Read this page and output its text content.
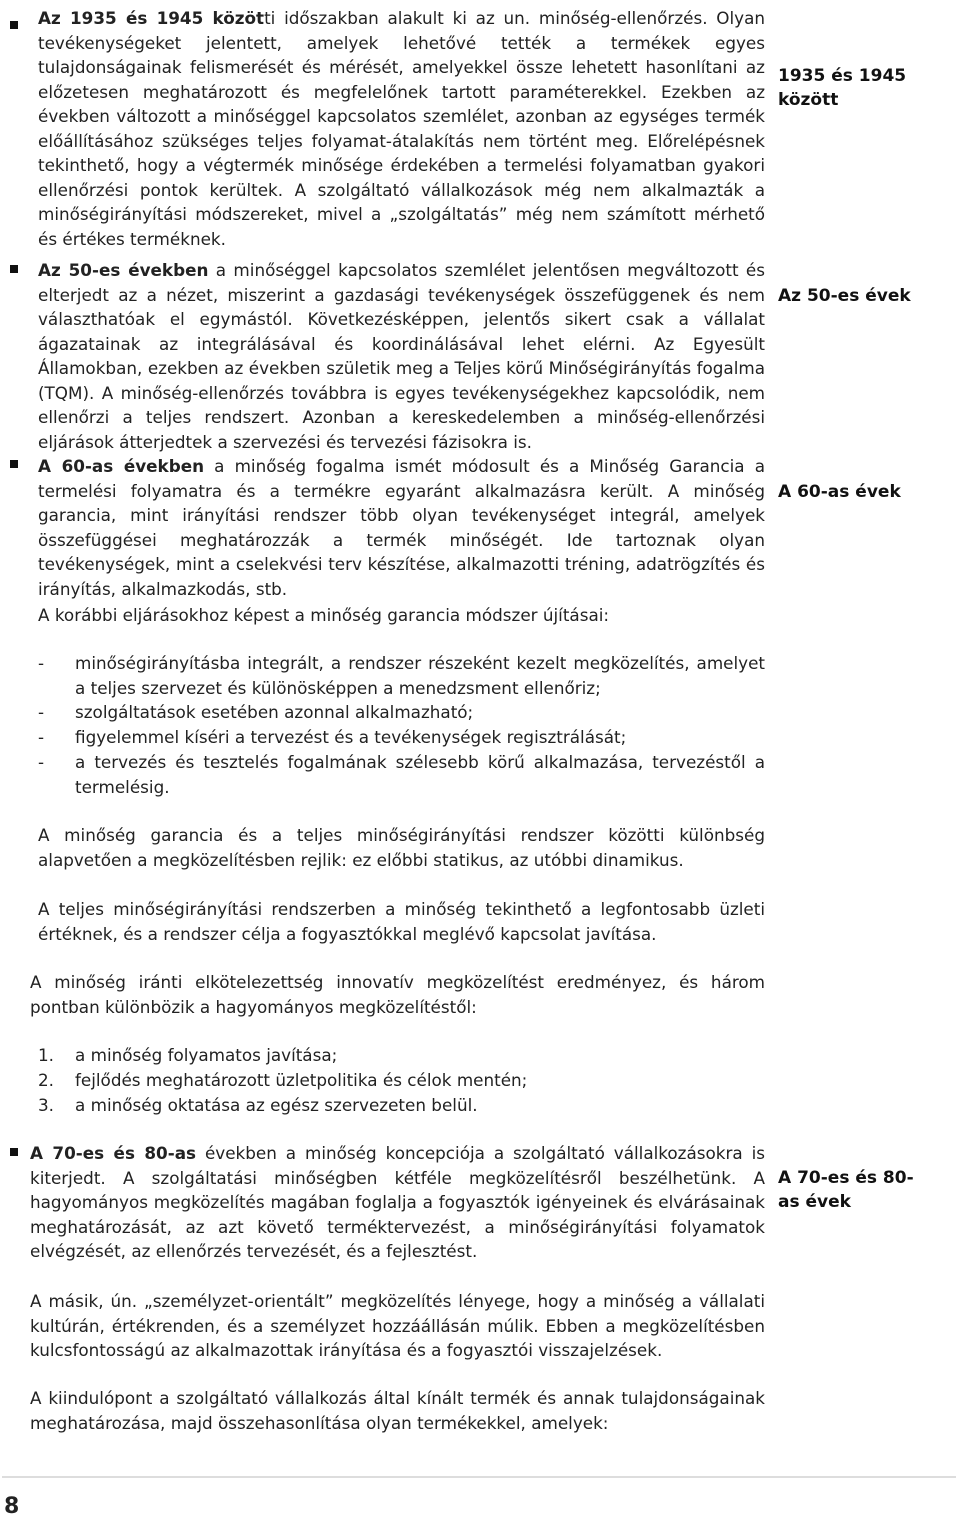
Az 1935 és 1945 közötti időszakban alakult ki az un. minőség-ellenőrzés. Olyan tevékenységeket jelentett, amelyek lehetővé tették a termékek egyes tulajdonságainak felismerését és mérését, amelyekkel össze lehetett hasonlítani az előzetesen meghatározott és megfelelőnek tartott paraméterekkel. Ezekben az években változott a minőséggel kapcsolatos szemlélet, azonban az egységes termék előállításához szükséges teljes folyamat-átalakítás nem történt meg. Előrelépésnek tekinthető, hogy a végtermék minősége érdekében a termelési folyamatban gyakori ellenőrzési pontok kerültek. A szolgáltató vállalkozások még nem alkalmazták a minőségirányítási módszereket, mivel a „szolgáltatás” még nem számított mérhető és értékes terméknek.

1935 és 1945 között

Az 50-es években a minőséggel kapcsolatos szemlélet jelentősen megváltozott és elterjedt az a nézet, miszerint a gazdasági tevékenységek összefüggenek és nem választhatóak el egymástól. Következésképpen, jelentős sikert csak a vállalat ágazatainak az integrálásával és koordinálásával lehet elérni. Az Egyesült Államokban, ezekben az években születik meg a Teljes körű Minőségirányítás fogalma (TQM). A minőség-ellenőrzés továbbra is egyes tevékenységekhez kapcsolódik, nem ellenőrzi a teljes rendszert. Azonban a kereskedelemben a minőség-ellenőrzési eljárások átterjedtek a szervezési és tervezési fázisokra is.

Az 50-es évek

A 60-as években a minőség fogalma ismét módosult és a Minőség Garancia a termelési folyamatra és a termékre egyaránt alkalmazásra került. A minőség garancia, mint irányítási rendszer több olyan tevékenységet integrál, amelyek összefüggései meghatározzák a termék minőségét. Ide tartoznak olyan tevékenységek, mint a cselekvési terv készítése, alkalmazotti tréning, adatrögzítés és irányítás, alkalmazkodás, stb.

A 60-as évek

A korábbi eljárásokhoz képest a minőség garancia módszer újításai:

- minőségirányításba integrált, a rendszer részeként kezelt megközelítés, amelyet a teljes szervezet és különösképpen a menedzsment ellenőriz;

- szolgáltatások esetében azonnal alkalmazható;

- figyelemmel kíséri a tervezést és a tevékenységek regisztrálását;

- a tervezés és tesztelés fogalmának szélesebb körű alkalmazása, tervezéstől a termelésig.

A minőség garancia és a teljes minőségirányítási rendszer közötti különbség alapvetően a megközelítésben rejlik: ez előbbi statikus, az utóbbi dinamikus.

A teljes minőségirányítási rendszerben a minőség tekinthető a legfontosabb üzleti értéknek, és a rendszer célja a fogyasztókkal meglévő kapcsolat javítása.

A minőség iránti elkötelezettség innovatív megközelítést eredményez, és három pontban különbözik a hagyományos megközelítéstől:

1. a minőség folyamatos javítása;

2. fejlődés meghatározott üzletpolitika és célok mentén;

3. a minőség oktatása az egész szervezeten belül.

A 70-es és 80-as években a minőség koncepciója a szolgáltató vállalkozásokra is kiterjedt. A szolgáltatási minőségben kétféle megközelítésről beszélhetünk. A hagyományos megközelítés magában foglalja a fogyasztók igényeinek és elvárásainak meghatározását, az azt követő terméktervezést, a minőségirányítási folyamatok elvégzését, az ellenőrzés tervezését, és a fejlesztést.

A 70-es és 80-as évek

A másik, ún. „személyzet-orientált” megközelítés lényege, hogy a minőség a vállalati kultúrán, értékrenden, és a személyzet hozzáállásán múlik. Ebben a megközelítésben kulcsfontosságú az alkalmazottak irányítása és a fogyasztói visszajelzések.

A kiindulópont a szolgáltató vállalkozás által kínált termék és annak tulajdonságainak meghatározása, majd összehasonlítása olyan termékekkel, amelyek:

8
